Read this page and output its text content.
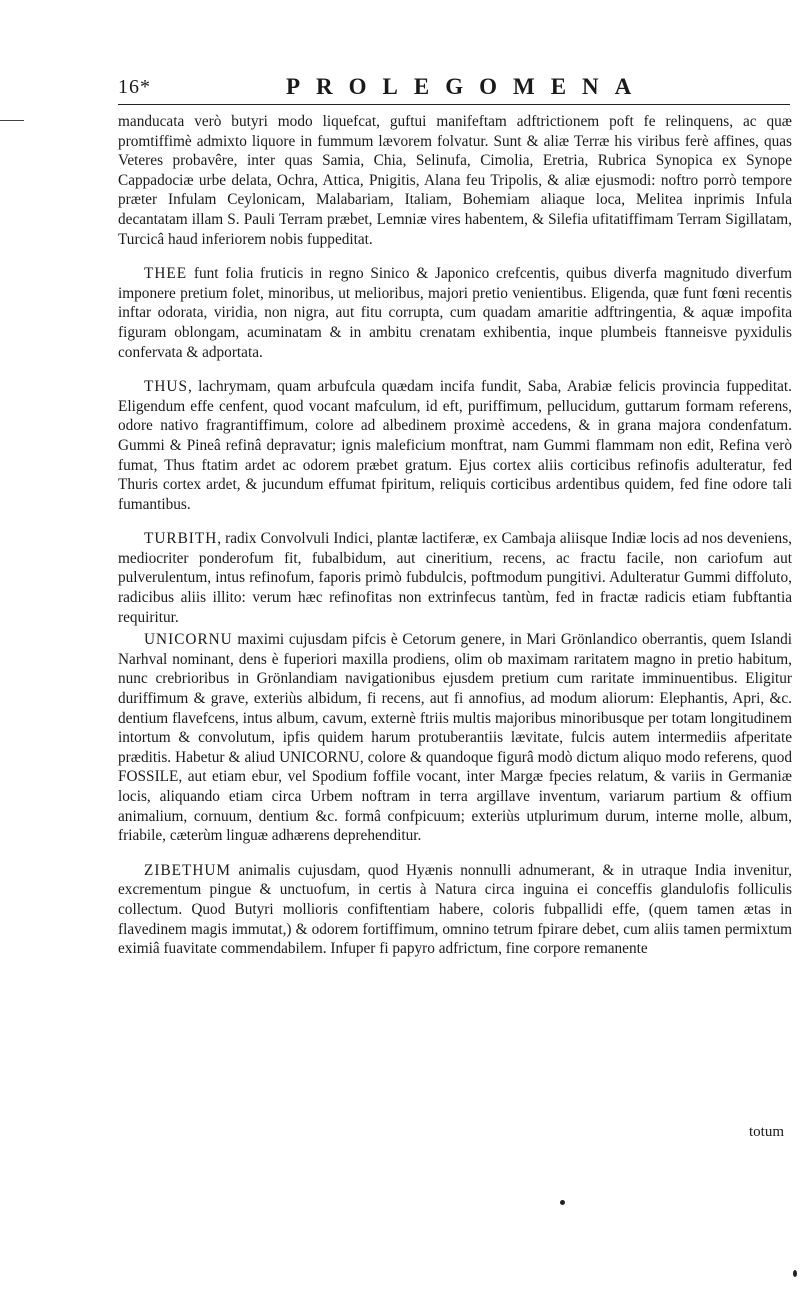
16*	PROLEGOMENA

manducata verò butyri modo liquefcat, guftui manifeftam adftrictionem poft fe relinquens, ac quæ promtiffimè admixto liquore in fummum lævorem folvatur. Sunt & aliæ Terræ his viribus ferè affines, quas Veteres probavêre, inter quas Samia, Chia, Selinufa, Cimolia, Eretria, Rubrica Synopica ex Synope Cappadociæ urbe delata, Ochra, Attica, Pnigitis, Alana feu Tripolis, & aliæ ejusmodi: noftro porrò tempore præter Infulam Ceylonicam, Malabariam, Italiam, Bohemiam aliaque loca, Melitea inprimis Infula decantatam illam S. Pauli Terram præbet, Lemniæ vires habentem, & Silefia ufitatiffimam Terram Sigillatam, Turcicâ haud inferiorem nobis fuppeditat.

THEE funt folia fruticis in regno Sinico & Japonico crefcentis, quibus diverfa magnitudo diverfum imponere pretium folet, minoribus, ut melioribus, majori pretio venientibus. Eligenda, quæ funt fœni recentis inftar odorata, viridia, non nigra, aut fitu corrupta, cum quadam amaritie adftringentia, & aquæ impofita figuram oblongam, acuminatam & in ambitu crenatam exhibentia, inque plumbeis ftanneisve pyxidulis confervata & adportata.

THUS, lachrymam, quam arbufcula quædam incifa fundit, Saba, Arabiæ felicis provincia fuppeditat. Eligendum effe cenfent, quod vocant mafculum, id eft, puriffimum, pellucidum, guttarum formam referens, odore nativo fragrantiffimum, colore ad albedinem proximè accedens, & in grana majora condenfatum. Gummi & Pineâ refinâ depravatur; ignis maleficium monftrat, nam Gummi flammam non edit, Refina verò fumat, Thus ftatim ardet ac odorem præbet gratum. Ejus cortex aliis corticibus refinofis adulteratur, fed Thuris cortex ardet, & jucundum effumat fpiritum, reliquis corticibus ardentibus quidem, fed fine odore tali fumantibus.

TURBITH, radix Convolvuli Indici, plantæ lactiferæ, ex Cambaja aliisque Indiæ locis ad nos deveniens, mediocriter ponderofum fit, fubalbidum, aut cineritium, recens, ac fractu facile, non cariofum aut pulverulentum, intus refinofum, faporis primò fubdulcis, poftmodum pungitivi. Adulteratur Gummi diffoluto, radicibus aliis illito: verum hæc refinofitas non extrinfecus tantùm, fed in fractæ radicis etiam fubftantia requiritur.

UNICORNU maximi cujusdam pifcis è Cetorum genere, in Mari Grönlandico oberrantis, quem Islandi Narhval nominant, dens è fuperiori maxilla prodiens, olim ob maximam raritatem magno in pretio habitum, nunc crebrioribus in Grönlandiam navigationibus ejusdem pretium cum raritate imminuentibus. Eligitur duriffimum & grave, exteriùs albidum, fi recens, aut fi annofius, ad modum aliorum: Elephantis, Apri, &c. dentium flavefcens, intus album, cavum, externè ftriis multis majoribus minoribusque per totam longitudinem intortum & convolutum, ipfis quidem harum protuberantiis lævitate, fulcis autem intermediis afperitate præditis. Habetur & aliud UNICORNU, colore & quandoque figurâ modò dictum aliquo modo referens, quod FOSSILE, aut etiam ebur, vel Spodium foffile vocant, inter Margæ fpecies relatum, & variis in Germaniæ locis, aliquando etiam circa Urbem noftram in terra argillave inventum, variarum partium & offium animalium, cornuum, dentium &c. formâ confpicuum; exteriùs utplurimum durum, interne molle, album, friabile, cæterùm linguæ adhærens deprehenditur.

ZIBETHUM animalis cujusdam, quod Hyænis nonnulli adnumerant, & in utraque India invenitur, excrementum pingue & unctuofum, in certis à Natura circa inguina ei conceffis glandulofis folliculis collectum. Quod Butyri mollioris confiftentiam habere, coloris fubpallidi effe, (quem tamen ætas in flavedinem magis immutat,) & odorem fortiffimum, omnino tetrum fpirare debet, cum aliis tamen permixtum eximiâ fuavitate commendabilem. Infuper fi papyro adfrictum, fine corpore remanente

totum
